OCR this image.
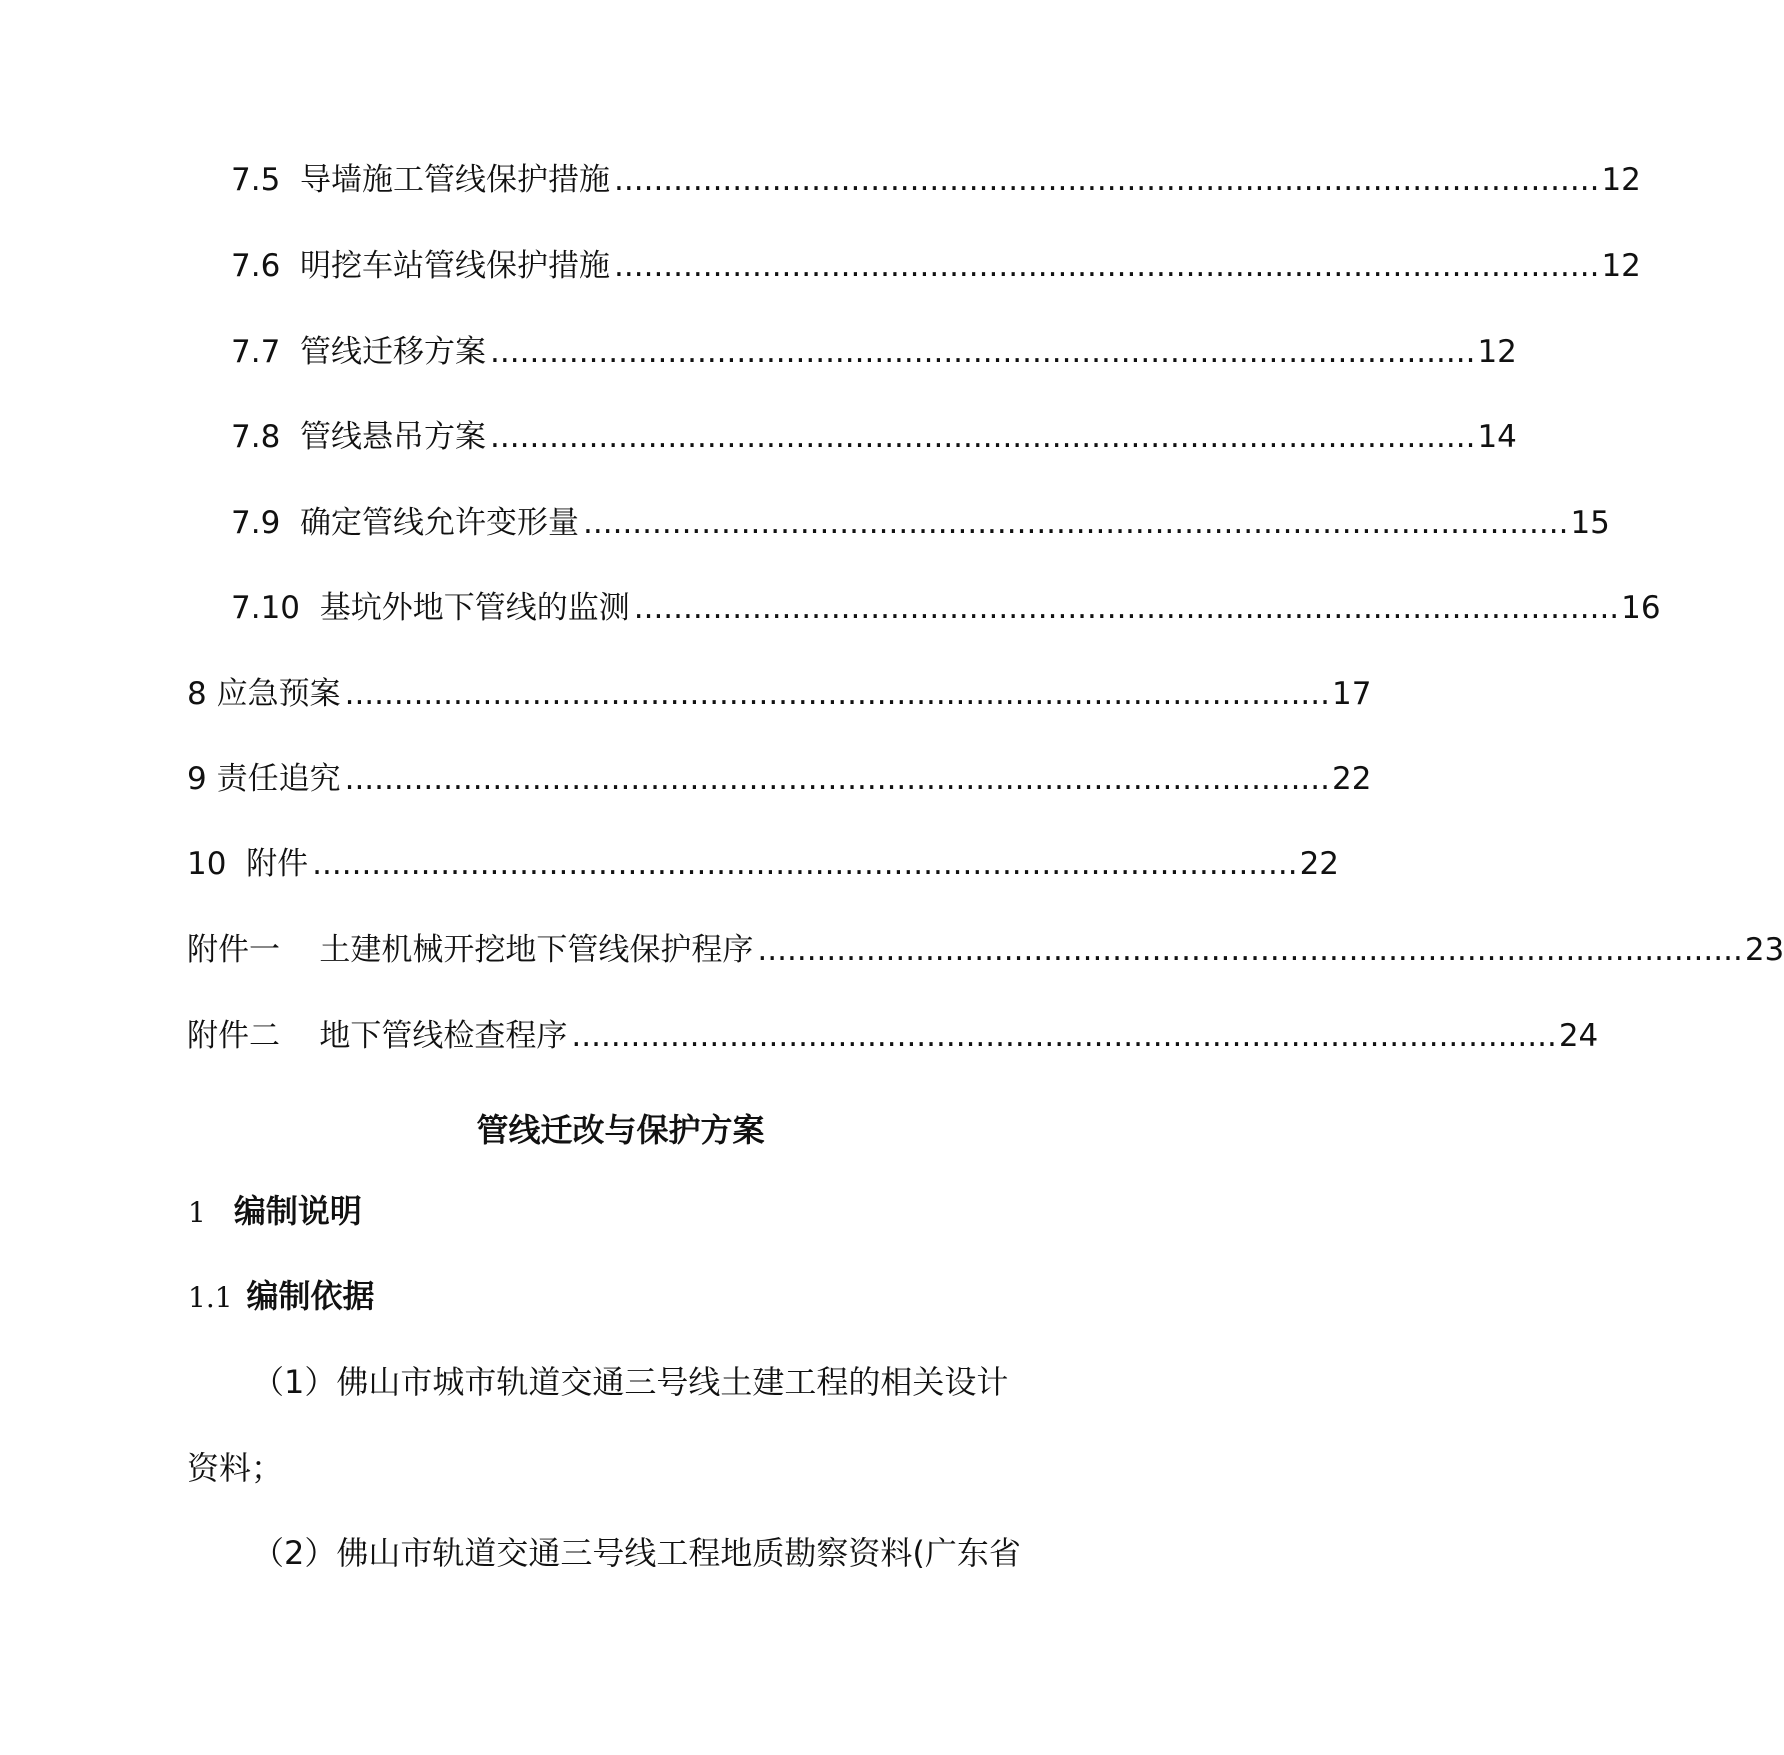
7.5 导墙施工管线保护措施 .................................................................................................... 12
7.6 明挖车站管线保护措施 .................................................................................................... 12
7.7 管线迁移方案 .................................................................................................... 12
7.8 管线悬吊方案 .................................................................................................... 14
7.9 确定管线允许变形量 .................................................................................................... 15
7.10 基坑外地下管线的监测 .................................................................................................... 16
8 应急预案 .................................................................................................... 17
9 责任追究 .................................................................................................... 22
10 附件 .................................................................................................... 22
附件一	土建机械开挖地下管线保护程序 .................................................................................................... 23
附件二	地下管线检查程序 .................................................................................................... 24
管线迁改与保护方案
1 编制说明
1.1 编制依据
（1）佛山市城市轨道交通三号线土建工程的相关设计
资料；
（2）佛山市轨道交通三号线工程地质勘察资料(广东省
